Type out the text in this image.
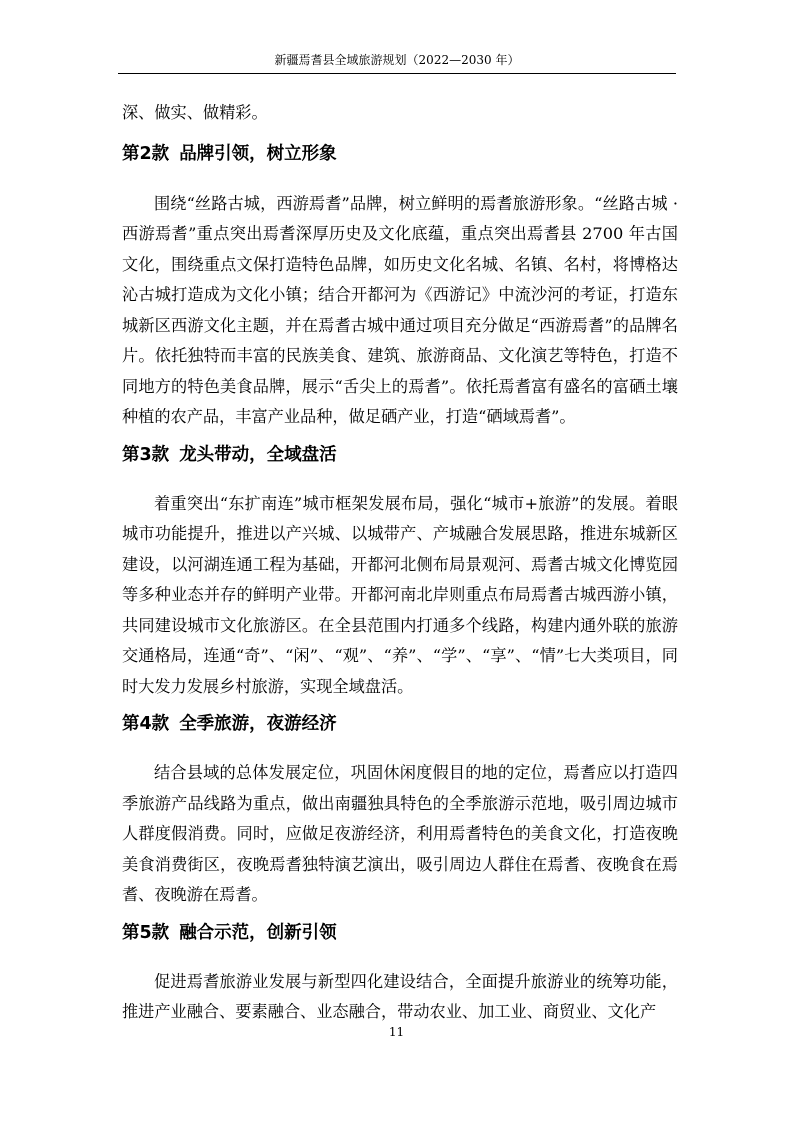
新疆焉耆县全域旅游规划（2022—2030 年）

深、做实、做精彩。

第2款 品牌引领，树立形象

围绕“丝路古城，西游焉耆”品牌，树立鲜明的焉耆旅游形象。“丝路古城 · 西游焉耆”重点突出焉耆深厚历史及文化底蕴，重点突出焉耆县 2700 年古国文化，围绕重点文保打造特色品牌，如历史文化名城、名镇、名村，将博格达沁古城打造成为文化小镇；结合开都河为《西游记》中流沙河的考证，打造东城新区西游文化主题，并在焉耆古城中通过项目充分做足“西游焉耆”的品牌名片。依托独特而丰富的民族美食、建筑、旅游商品、文化演艺等特色，打造不同地方的特色美食品牌，展示“舌尖上的焉耆”。依托焉耆富有盛名的富硒土壤种植的农产品，丰富产业品种，做足硒产业，打造“硒域焉耆”。

第3款 龙头带动，全域盘活

着重突出“东扩南连”城市框架发展布局，强化“城市+旅游”的发展。着眼城市功能提升，推进以产兴城、以城带产、产城融合发展思路，推进东城新区建设，以河湖连通工程为基础，开都河北侧布局景观河、焉耆古城文化博览园等多种业态并存的鲜明产业带。开都河南北岸则重点布局焉耆古城西游小镇，共同建设城市文化旅游区。在全县范围内打通多个线路，构建内通外联的旅游交通格局，连通“奇”、“闲”、“观”、“养”、“学”、“享”、“情”七大类项目，同时大发力发展乡村旅游，实现全域盘活。

第4款 全季旅游，夜游经济

结合县域的总体发展定位，巩固休闲度假目的地的定位，焉耆应以打造四季旅游产品线路为重点，做出南疆独具特色的全季旅游示范地，吸引周边城市人群度假消费。同时，应做足夜游经济，利用焉耆特色的美食文化，打造夜晚美食消费街区，夜晚焉耆独特演艺演出，吸引周边人群住在焉耆、夜晚食在焉耆、夜晚游在焉耆。

第5款 融合示范，创新引领

促进焉耆旅游业发展与新型四化建设结合，全面提升旅游业的统筹功能，推进产业融合、要素融合、业态融合，带动农业、加工业、商贸业、文化产

11
